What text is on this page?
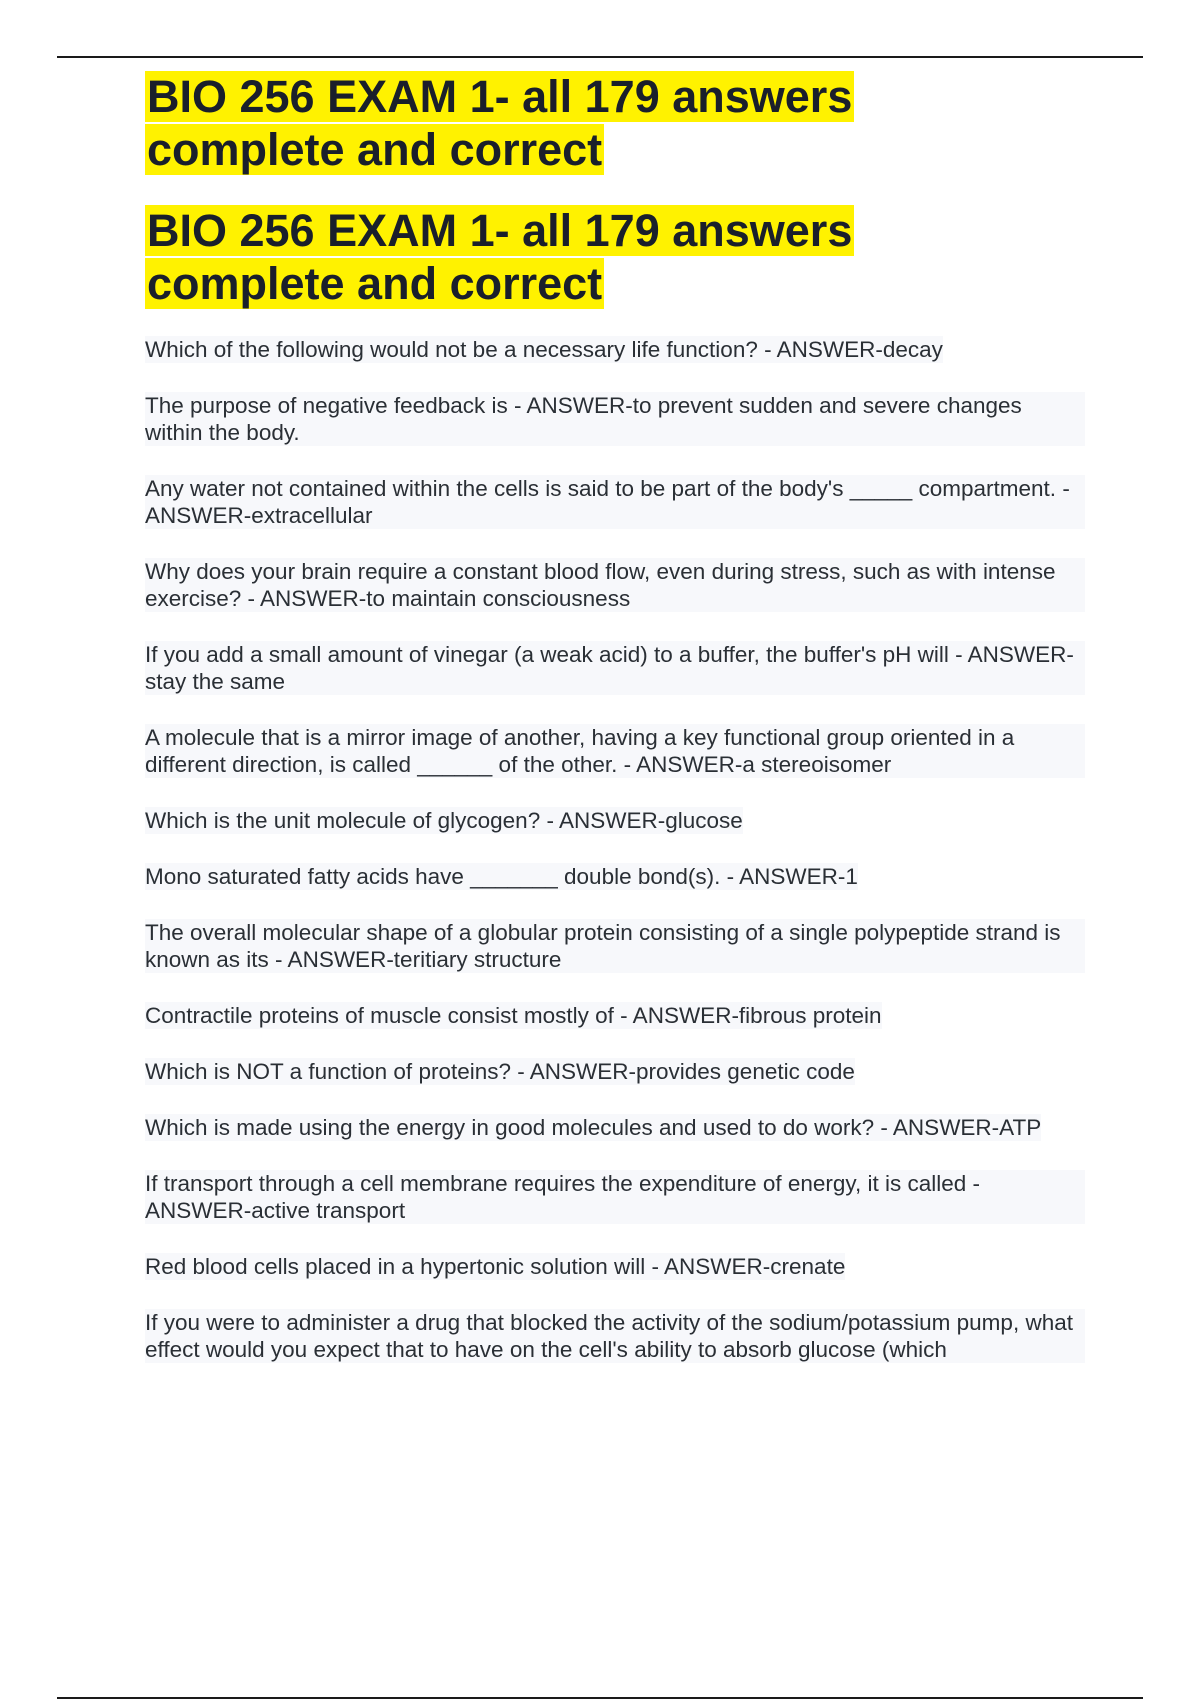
BIO 256 EXAM 1- all 179 answers
complete and correct
BIO 256 EXAM 1- all 179 answers
complete and correct

Which of the following would not be a necessary life function? - ANSWER-decay

The purpose of negative feedback is - ANSWER-to prevent sudden and severe changes within the body.

Any water not contained within the cells is said to be part of the body's _____ compartment. - ANSWER-extracellular

Why does your brain require a constant blood flow, even during stress, such as with intense exercise? - ANSWER-to maintain consciousness

If you add a small amount of vinegar (a weak acid) to a buffer, the buffer's pH will - ANSWER-stay the same

A molecule that is a mirror image of another, having a key functional group oriented in a different direction, is called ______ of the other. - ANSWER-a stereoisomer

Which is the unit molecule of glycogen? - ANSWER-glucose

Mono saturated fatty acids have _______ double bond(s). - ANSWER-1

The overall molecular shape of a globular protein consisting of a single polypeptide strand is known as its - ANSWER-teritiary structure

Contractile proteins of muscle consist mostly of - ANSWER-fibrous protein

Which is NOT a function of proteins? - ANSWER-provides genetic code

Which is made using the energy in good molecules and used to do work? - ANSWER-ATP

If transport through a cell membrane requires the expenditure of energy, it is called - ANSWER-active transport

Red blood cells placed in a hypertonic solution will - ANSWER-crenate

If you were to administer a drug that blocked the activity of the sodium/potassium pump, what effect would you expect that to have on the cell's ability to absorb glucose (which
